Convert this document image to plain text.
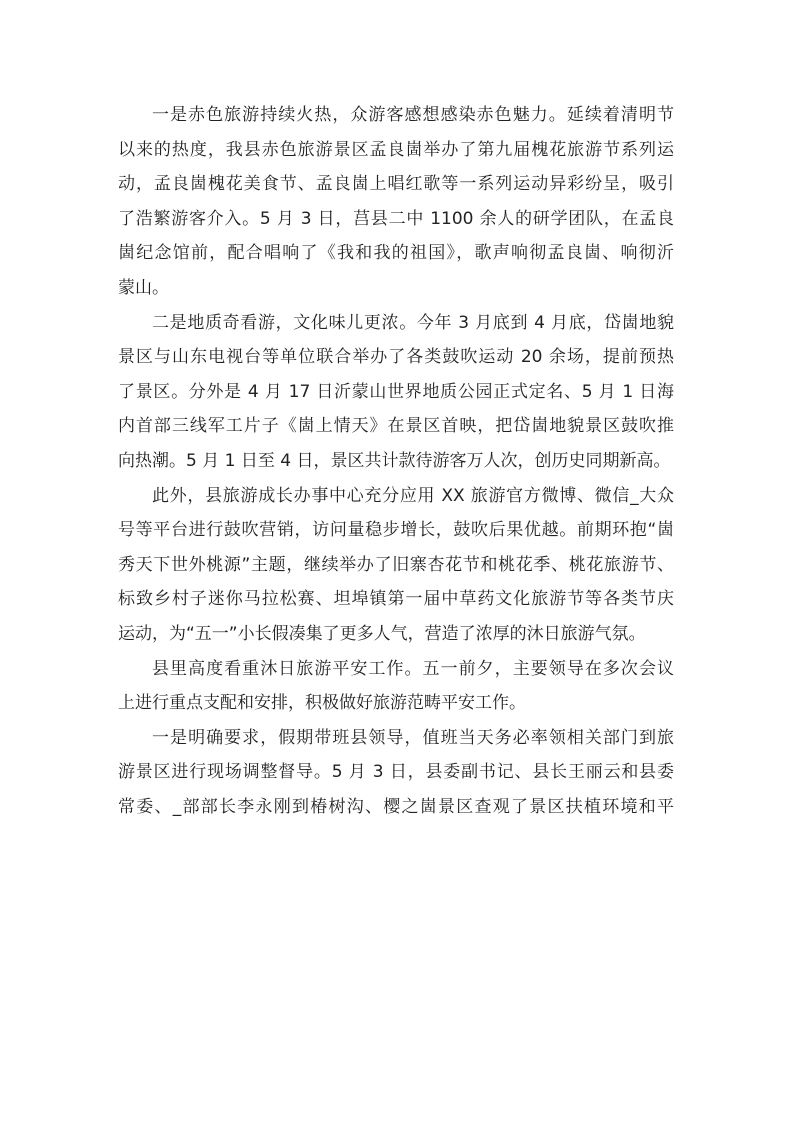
一是赤色旅游持续火热，众游客感想感染赤色魅力。延续着清明节
以来的热度，我县赤色旅游景区孟良崮举办了第九届槐花旅游节系列运
动，孟良崮槐花美食节、孟良崮上唱红歌等一系列运动异彩纷呈，吸引
了浩繁游客介入。5 月 3 日，莒县二中 1100 余人的研学团队，在孟良
崮纪念馆前，配合唱响了《我和我的祖国》，歌声响彻孟良崮、响彻沂
蒙山。
二是地质奇看游，文化味儿更浓。今年 3 月底到 4 月底，岱崮地貌
景区与山东电视台等单位联合举办了各类鼓吹运动 20 余场，提前预热
了景区。分外是 4 月 17 日沂蒙山世界地质公园正式定名、5 月 1 日海
内首部三线军工片子《崮上情天》在景区首映，把岱崮地貌景区鼓吹推
向热潮。5 月 1 日至 4 日，景区共计款待游客万人次，创历史同期新高。
此外，县旅游成长办事中心充分应用 XX 旅游官方微博、微信_大众
号等平台进行鼓吹营销，访问量稳步增长，鼓吹后果优越。前期环抱“崮
秀天下世外桃源”主题，继续举办了旧寨杏花节和桃花季、桃花旅游节、
标致乡村子迷你马拉松赛、坦埠镇第一届中草药文化旅游节等各类节庆
运动，为“五一”小长假凑集了更多人气，营造了浓厚的沐日旅游气氛。
县里高度看重沐日旅游平安工作。五一前夕，主要领导在多次会议
上进行重点支配和安排，积极做好旅游范畴平安工作。
一是明确要求，假期带班县领导，值班当天务必率领相关部门到旅
游景区进行现场调整督导。5 月 3 日，县委副书记、县长王丽云和县委
常委、_部部长李永刚到椿树沟、樱之崮景区查观了景区扶植环境和平
